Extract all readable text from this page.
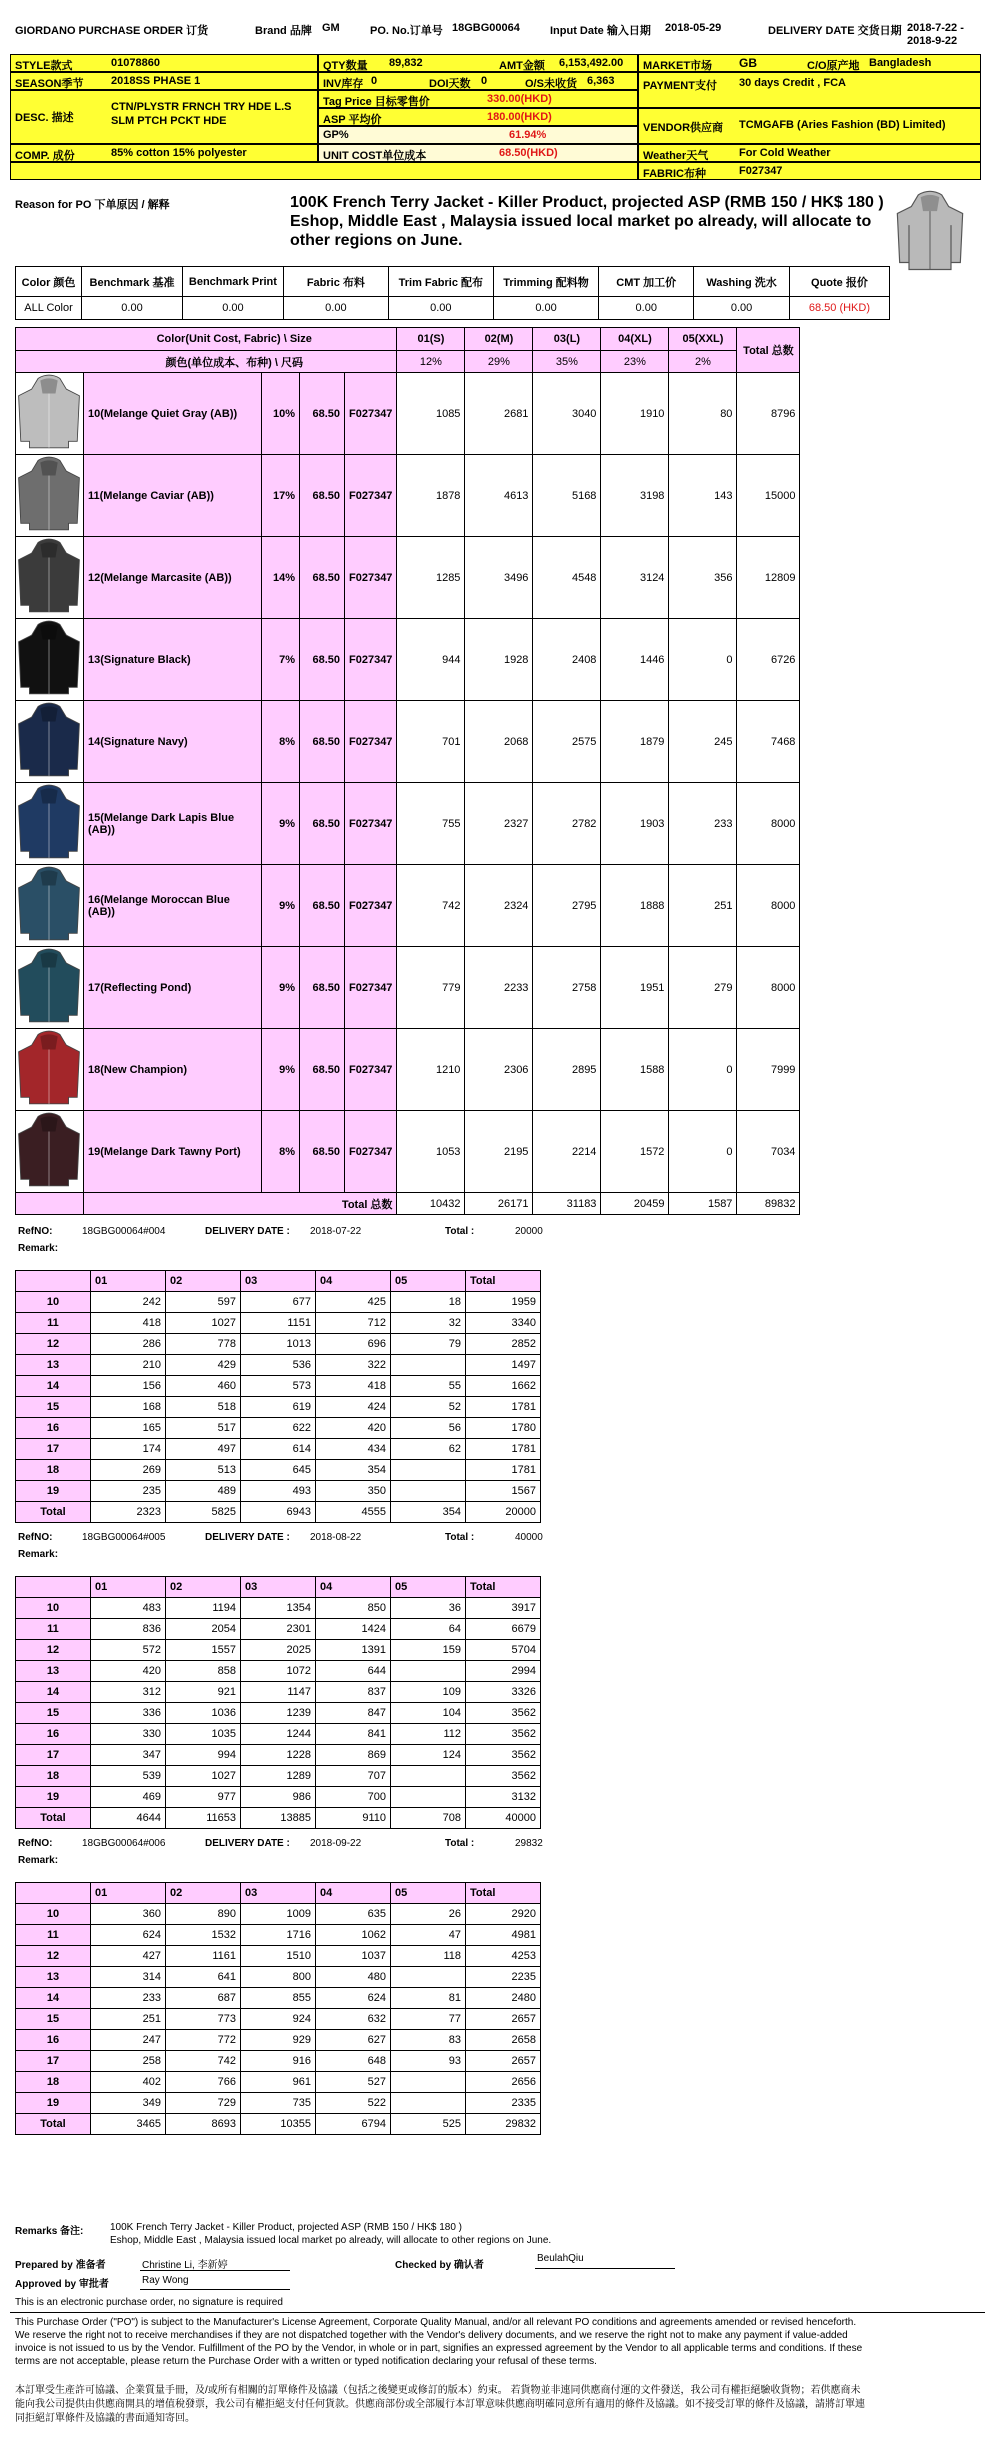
GIORDANO PURCHASE ORDER 订货	Brand 品牌 GM	PO. No.订单号 18GBG00064	Input Date 输入日期 2018-05-29	DELIVERY DATE 交货日期 2018-7-22 - 2018-9-22
STYLE款式	01078860
SEASON季节	2018SS PHASE 1
DESC. 描述
CTN/PLYSTR FRNCH TRY HDE L.S SLM PTCH PCKT HDE
COMP. 成份	85% cotton 15% polyester
QTY数量 89,832	AMT金额 6,153,492.00
INV库存 0	DOI天数 0	O/S未收货 6,363
Tag Price 目标零售价	330.00(HKD)
ASP 平均价	180.00(HKD)
GP%	61.94%
UNIT COST单位成本	68.50(HKD)
MARKET市场 GB	C/O原产地 Bangladesh
PAYMENT支付 30 days Credit , FCA
VENDOR供应商 TCMGAFB (Aries Fashion (BD) Limited)
Weather天气	For Cold Weather
FABRIC布种	F027347
Reason for PO 下单原因 / 解释	100K French Terry Jacket - Killer Product, projected ASP (RMB 150 / HK$ 180 ) Eshop, Middle East , Malaysia issued local market po already, will allocate to other regions on June.
Color 颜色	Benchmark 基准	Benchmark Print	Fabric 布料	Trim Fabric 配布	Trimming 配料物	CMT 加工价	Washing 洗水	Quote 报价
ALL Color	0.00	0.00	0.00	0.00	0.00	0.00	0.00	68.50 (HKD)
Color(Unit Cost, Fabric) \ Size					01(S)	02(M)	03(L)	04(XL)	05(XXL)	Total 总数
颜色(单位成本、布种) \ 尺码					12%	29%	35%	23%	2%	
	10(Melange Quiet Gray (AB))	10%	68.50	F027347	1085	2681	3040	1910	80	8796
	11(Melange Caviar (AB))	17%	68.50	F027347	1878	4613	5168	3198	143	15000
	12(Melange Marcasite (AB))	14%	68.50	F027347	1285	3496	4548	3124	356	12809
	13(Signature Black)	7%	68.50	F027347	944	1928	2408	1446	0	6726
	14(Signature Navy)	8%	68.50	F027347	701	2068	2575	1879	245	7468
	15(Melange Dark Lapis Blue (AB))	9%	68.50	F027347	755	2327	2782	1903	233	8000
	16(Melange Moroccan Blue (AB))	9%	68.50	F027347	742	2324	2795	1888	251	8000
	17(Reflecting Pond)	9%	68.50	F027347	779	2233	2758	1951	279	8000
	18(New Champion)	9%	68.50	F027347	1210	2306	2895	1588	0	7999
	19(Melange Dark Tawny Port)	8%	68.50	F027347	1053	2195	2214	1572	0	7034
	Total 总数				10432	26171	31183	20459	1587	89832
RefNO:	18GBG00064#004	DELIVERY DATE : 2018-07-22	Total :	20000
Remark:
	01	02	03	04	05	Total
10	242	597	677	425	18	1959
11	418	1027	1151	712	32	3340
12	286	778	1013	696	79	2852
13	210	429	536	322		1497
14	156	460	573	418	55	1662
15	168	518	619	424	52	1781
16	165	517	622	420	56	1780
17	174	497	614	434	62	1781
18	269	513	645	354		1781
19	235	489	493	350		1567
Total	2323	5825	6943	4555	354	20000
RefNO:	18GBG00064#005	DELIVERY DATE : 2018-08-22	Total :	40000
Remark:
	01	02	03	04	05	Total
10	483	1194	1354	850	36	3917
11	836	2054	2301	1424	64	6679
12	572	1557	2025	1391	159	5704
13	420	858	1072	644		2994
14	312	921	1147	837	109	3326
15	336	1036	1239	847	104	3562
16	330	1035	1244	841	112	3562
17	347	994	1228	869	124	3562
18	539	1027	1289	707		3562
19	469	977	986	700		3132
Total	4644	11653	13885	9110	708	40000
RefNO:	18GBG00064#006	DELIVERY DATE : 2018-09-22	Total :	29832
Remark:
	01	02	03	04	05	Total
10	360	890	1009	635	26	2920
11	624	1532	1716	1062	47	4981
12	427	1161	1510	1037	118	4253
13	314	641	800	480		2235
14	233	687	855	624	81	2480
15	251	773	924	632	77	2657
16	247	772	929	627	83	2658
17	258	742	916	648	93	2657
18	402	766	961	527		2656
19	349	729	735	522		2335
Total	3465	8693	10355	6794	525	29832
Remarks 备注:	100K French Terry Jacket - Killer Product, projected ASP (RMB 150 / HK$ 180 )
Eshop, Middle East , Malaysia issued local market po already, will allocate to other regions on June.
Prepared by 准备者	Christine Li, 李新婷	Checked by 确认者
BeulahQiu
Approved by 审批者	Ray Wong
This is an electronic purchase order, no signature is required
This Purchase Order ("PO") is subject to the Manufacturer's License Agreement, Corporate Quality Manual, and/or all relevant PO conditions and agreements amended or revised henceforth. We reserve the right not to receive merchandises if they are not dispatched together with the Vendor's delivery documents, and we reserve the right not to make any payment if value-added invoice is not issued to us by the Vendor. Fulfillment of the PO by the Vendor, in whole or in part, signifies an expressed agreement by the Vendor to all applicable terms and conditions. If these terms are not acceptable, please return the Purchase Order with a written or typed notification declaring your refusal of these terms.
本訂單受生產許可協議、企業質量手冊，及/或所有相關的訂單條件及協議（包括之後變更或修訂的版本）約束。 若貨物並非連同供應商付運的文件發送，我公司有權拒絕驗收貨物；若供應商未能向我公司提供由供應商開具的增值稅發票，我公司有權拒絕支付任何貨款。供應商部份或全部履行本訂單意味供應商明確同意所有適用的條件及協議。如不接受訂單的條件及協議，請將訂單連同拒絕訂單條件及協議的書面通知寄回。
